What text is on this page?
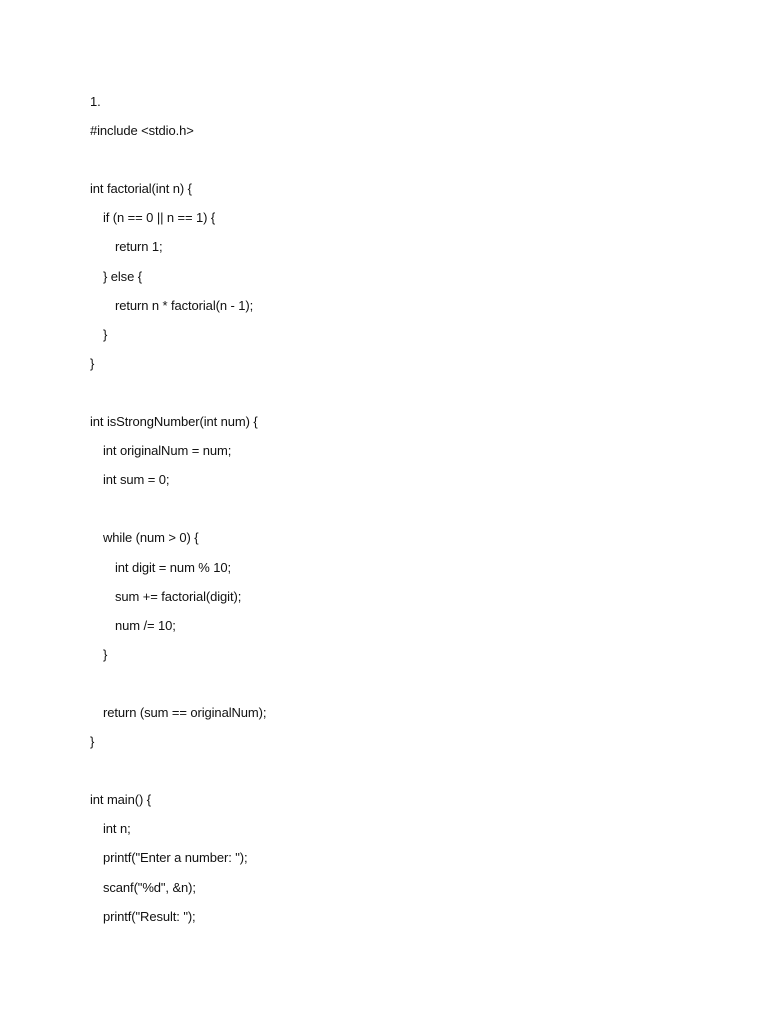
1.
#include <stdio.h>
int factorial(int n) {
if (n == 0 || n == 1) {
return 1;
} else {
return n * factorial(n - 1);
}
}
int isStrongNumber(int num) {
int originalNum = num;
int sum = 0;
while (num > 0) {
int digit = num % 10;
sum += factorial(digit);
num /= 10;
}
return (sum == originalNum);
}
int main() {
int n;
printf("Enter a number: ");
scanf("%d", &n);
printf("Result: ");
